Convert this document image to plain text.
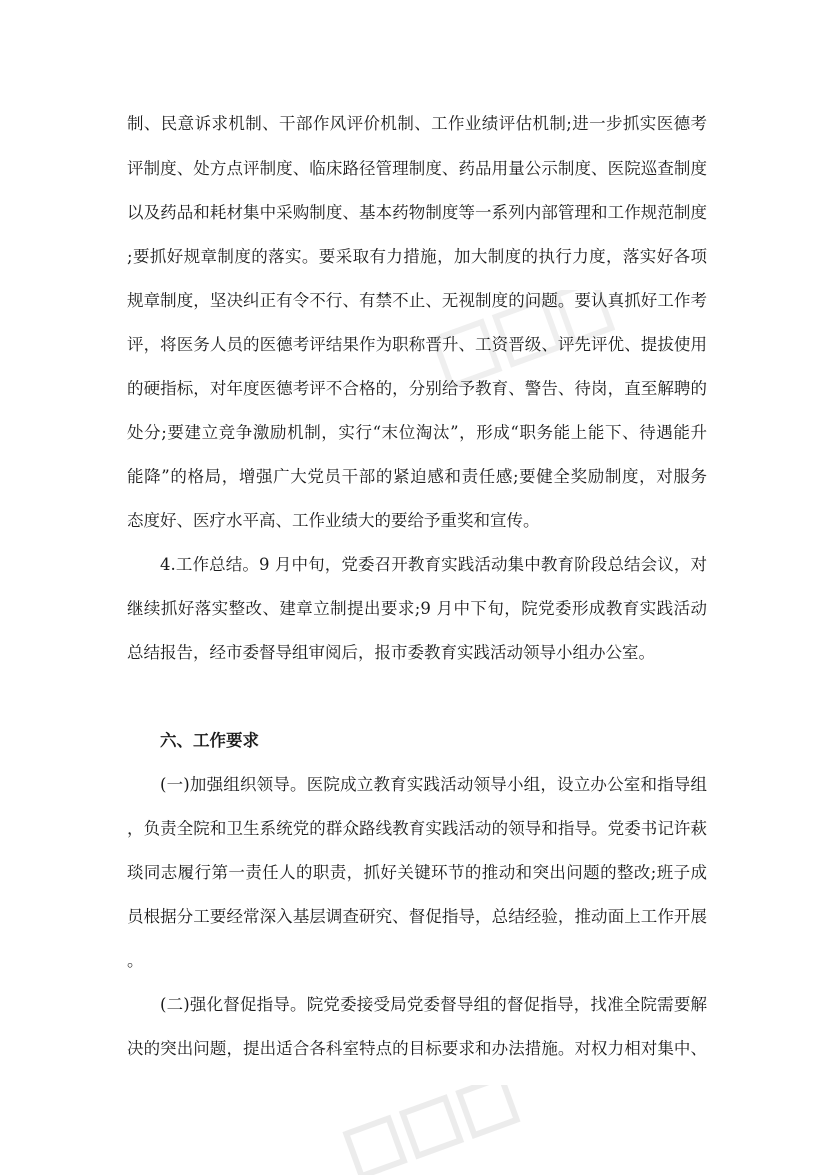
制、民意诉求机制、干部作风评价机制、工作业绩评估机制;进一步抓实医德考
评制度、处方点评制度、临床路径管理制度、药品用量公示制度、医院巡查制度
以及药品和耗材集中采购制度、基本药物制度等一系列内部管理和工作规范制度
;要抓好规章制度的落实。要采取有力措施，加大制度的执行力度，落实好各项
规章制度，坚决纠正有令不行、有禁不止、无视制度的问题。要认真抓好工作考
评，将医务人员的医德考评结果作为职称晋升、工资晋级、评先评优、提拔使用
的硬指标，对年度医德考评不合格的，分别给予教育、警告、待岗，直至解聘的
处分;要建立竞争激励机制，实行“末位淘汰”，形成“职务能上能下、待遇能升
能降”的格局，增强广大党员干部的紧迫感和责任感;要健全奖励制度，对服务
态度好、医疗水平高、工作业绩大的要给予重奖和宣传。
4.工作总结。9 月中旬，党委召开教育实践活动集中教育阶段总结会议，对
继续抓好落实整改、建章立制提出要求;9 月中下旬，院党委形成教育实践活动
总结报告，经市委督导组审阅后，报市委教育实践活动领导小组办公室。
六、工作要求
(一)加强组织领导。医院成立教育实践活动领导小组，设立办公室和指导组
，负责全院和卫生系统党的群众路线教育实践活动的领导和指导。党委书记许萩
琰同志履行第一责任人的职责，抓好关键环节的推动和突出问题的整改;班子成
员根据分工要经常深入基层调查研究、督促指导，总结经验，推动面上工作开展
。
(二)强化督促指导。院党委接受局党委督导组的督促指导，找准全院需要解
决的突出问题，提出适合各科室特点的目标要求和办法措施。对权力相对集中、
